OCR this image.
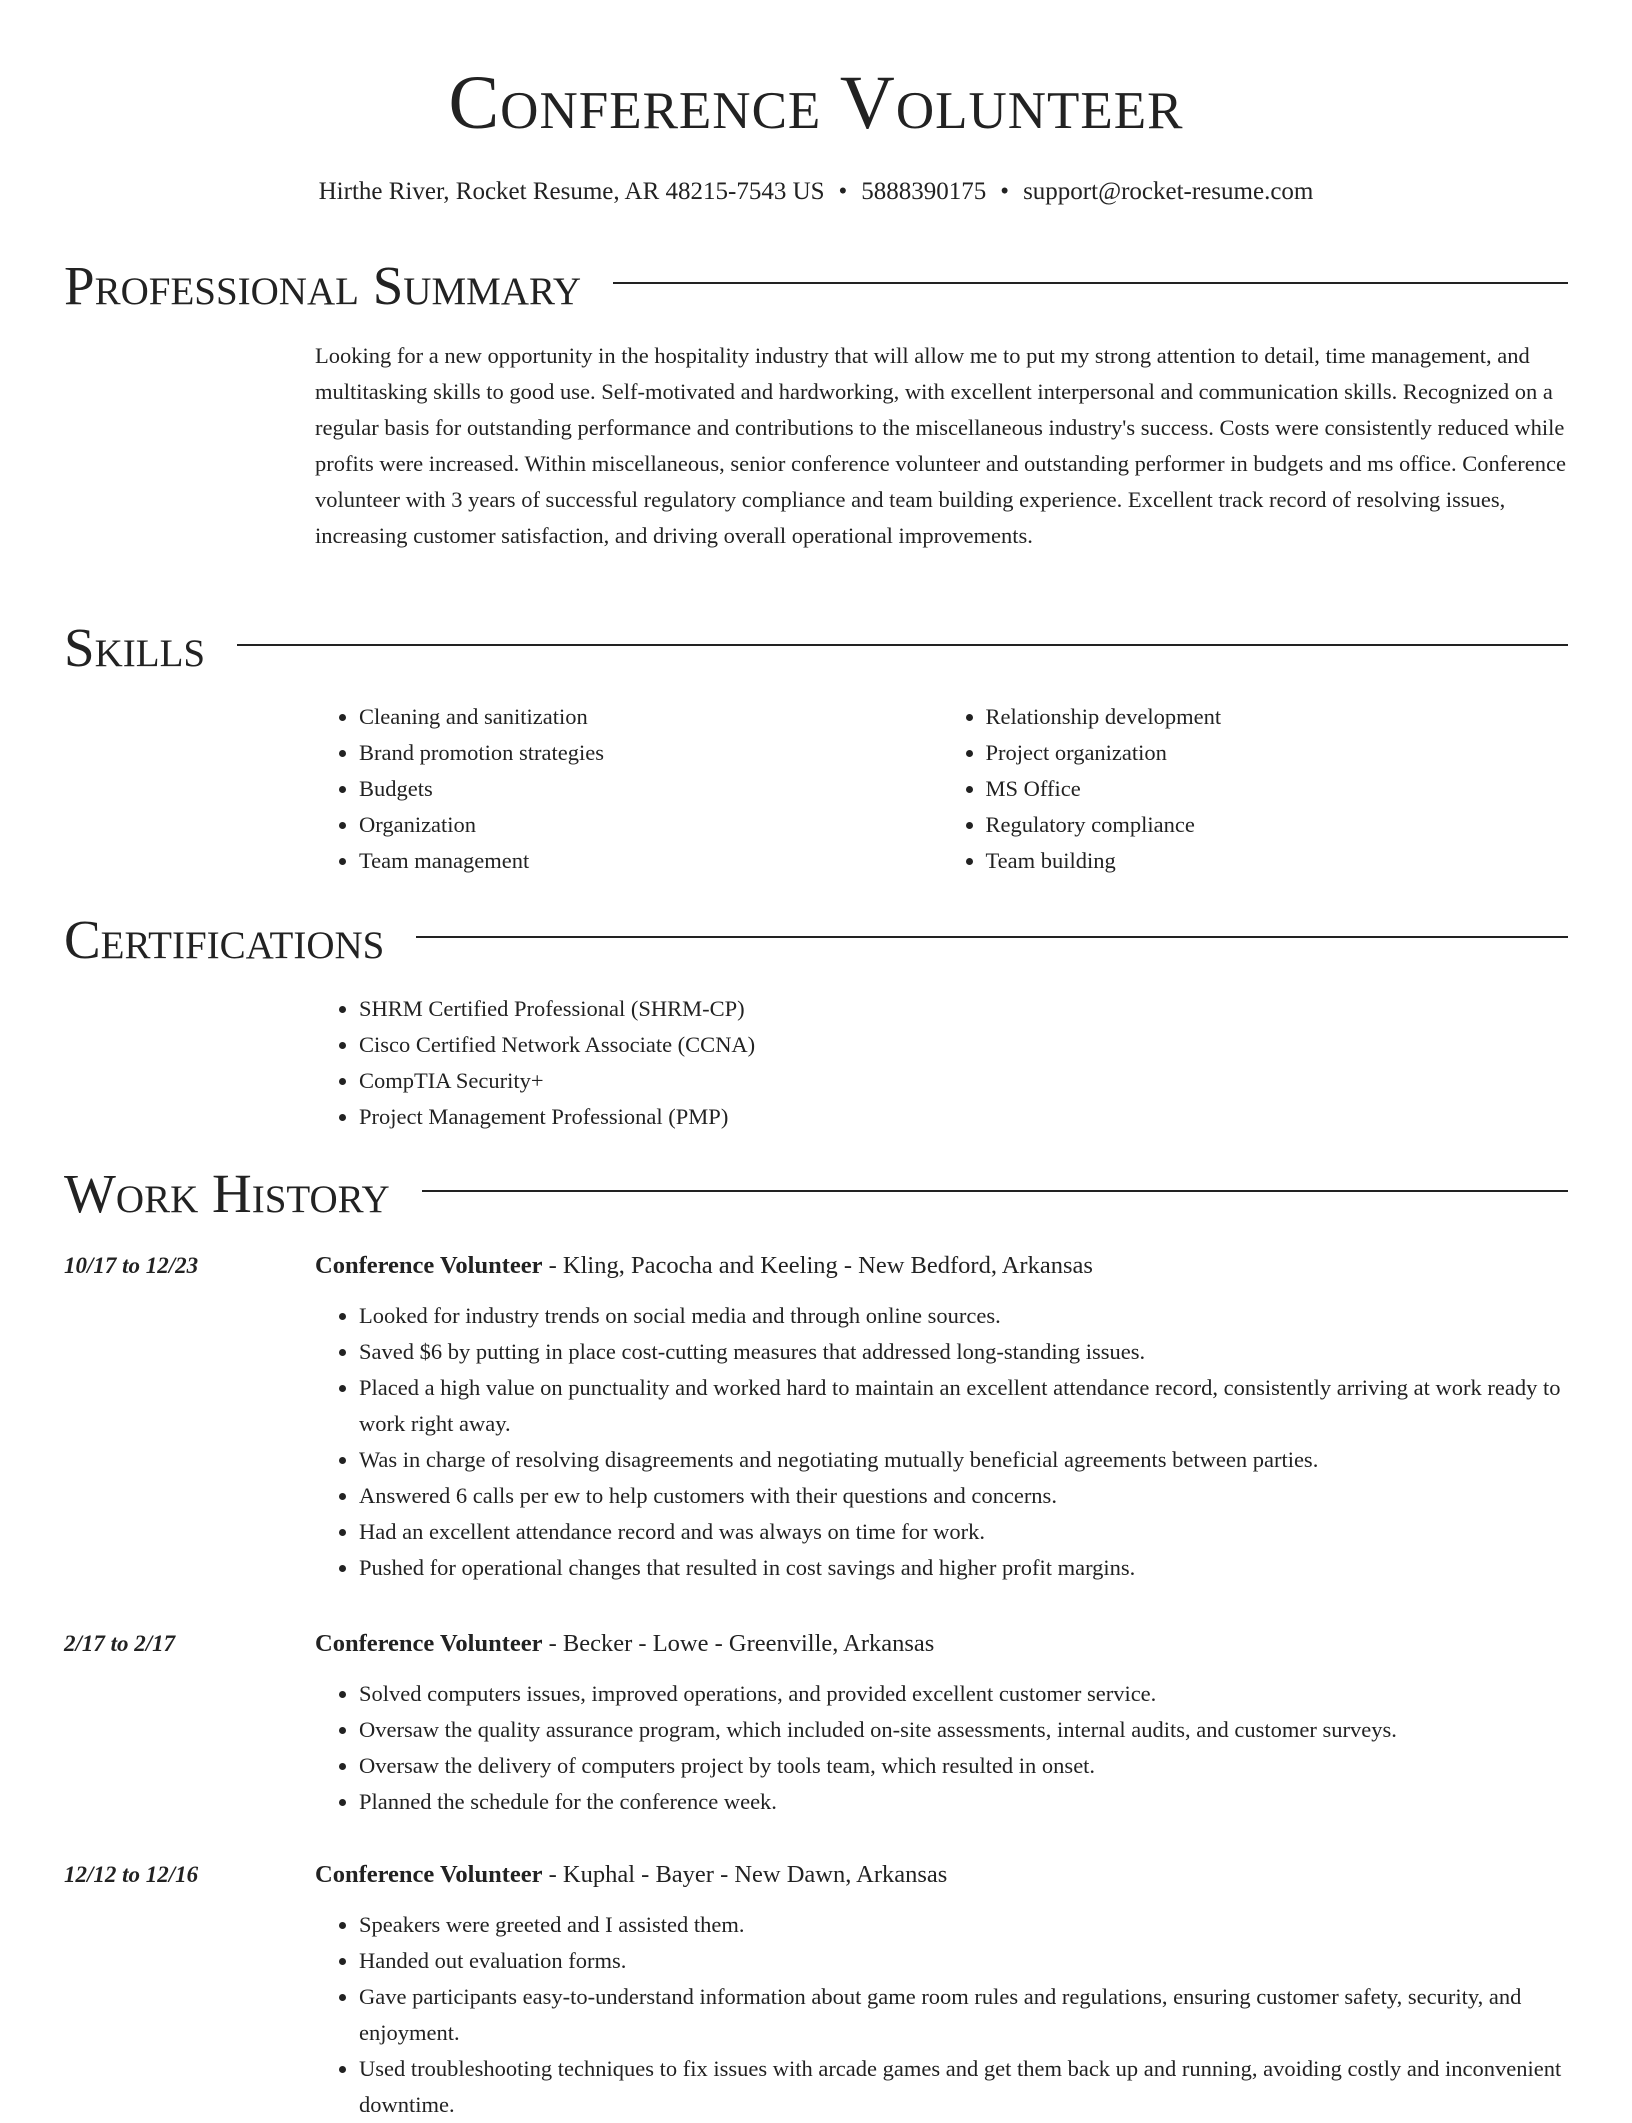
Conference Volunteer
Hirthe River, Rocket Resume, AR 48215-7543 US • 5888390175 • support@rocket-resume.com
Professional Summary

Looking for a new opportunity in the hospitality industry that will allow me to put my strong attention to detail, time management, and multitasking skills to good use. Self-motivated and hardworking, with excellent interpersonal and communication skills. Recognized on a regular basis for outstanding performance and contributions to the miscellaneous industry's success. Costs were consistently reduced while profits were increased. Within miscellaneous, senior conference volunteer and outstanding performer in budgets and ms office. Conference volunteer with 3 years of successful regulatory compliance and team building experience. Excellent track record of resolving issues, increasing customer satisfaction, and driving overall operational improvements.

Skills
• Cleaning and sanitization
• Brand promotion strategies
• Budgets
• Organization
• Team management
• Relationship development
• Project organization
• MS Office
• Regulatory compliance
• Team building
Certifications
• SHRM Certified Professional (SHRM-CP)
• Cisco Certified Network Associate (CCNA)
• CompTIA Security+
• Project Management Professional (PMP)
Work History
10/17 to 12/23	Conference Volunteer - Kling, Pacocha and Keeling - New Bedford, Arkansas
• Looked for industry trends on social media and through online sources.
• Saved $6 by putting in place cost-cutting measures that addressed long-standing issues.
• Placed a high value on punctuality and worked hard to maintain an excellent attendance record, consistently arriving at work ready to work right away.
• Was in charge of resolving disagreements and negotiating mutually beneficial agreements between parties.
• Answered 6 calls per ew to help customers with their questions and concerns.
• Had an excellent attendance record and was always on time for work.
• Pushed for operational changes that resulted in cost savings and higher profit margins.
2/17 to 2/17	Conference Volunteer - Becker - Lowe - Greenville, Arkansas
• Solved computers issues, improved operations, and provided excellent customer service.
• Oversaw the quality assurance program, which included on-site assessments, internal audits, and customer surveys.
• Oversaw the delivery of computers project by tools team, which resulted in onset.
• Planned the schedule for the conference week.
12/12 to 12/16	Conference Volunteer - Kuphal - Bayer - New Dawn, Arkansas
• Speakers were greeted and I assisted them.
• Handed out evaluation forms.
• Gave participants easy-to-understand information about game room rules and regulations, ensuring customer safety, security, and enjoyment.
• Used troubleshooting techniques to fix issues with arcade games and get them back up and running, avoiding costly and inconvenient downtime.
